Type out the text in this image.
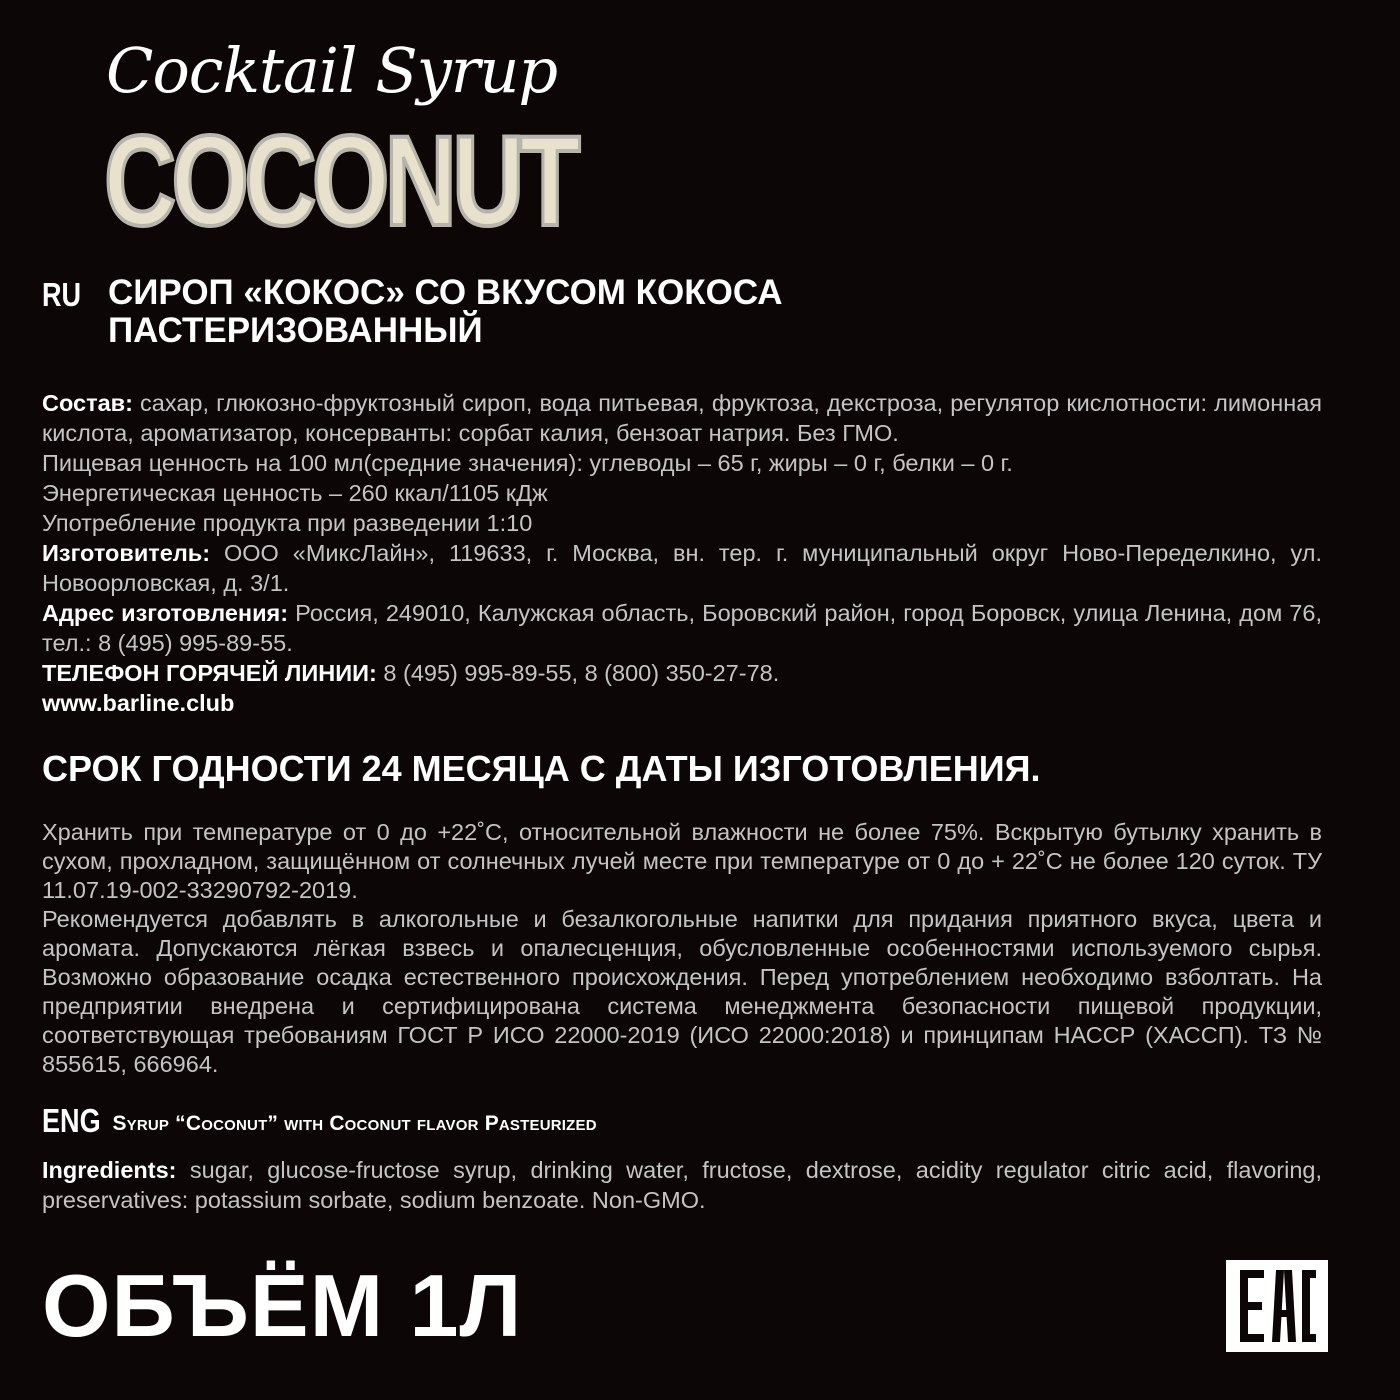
Cocktail Syrup
COCONUT
RU СИРОП «КОКОС» СО ВКУСОМ КОКОСА
ПАСТЕРИЗОВАННЫЙ

Состав: сахар, глюкозно-фруктозный сироп, вода питьевая, фруктоза, декстроза, регулятор кислотности: лимонная кислота, ароматизатор, консерванты: сорбат калия, бензоат натрия. Без ГМО.

Пищевая ценность на 100 мл(средние значения): углеводы – 65 г, жиры – 0 г, белки – 0 г.

Энергетическая ценность – 260 ккал/1105 кДж

Употребление продукта при разведении 1:10

Изготовитель: ООО «МиксЛайн», 119633, г. Москва, вн. тер. г. муниципальный округ Ново-Переделкино, ул. Новоорловская, д. 3/1.

Адрес изготовления: Россия, 249010, Калужская область, Боровский район, город Боровск, улица Ленина, дом 76, тел.: 8 (495) 995-89-55.

ТЕЛЕФОН ГОРЯЧЕЙ ЛИНИИ: 8 (495) 995-89-55, 8 (800) 350-27-78.

www.barline.club

СРОК ГОДНОСТИ 24 МЕСЯЦА С ДАТЫ ИЗГОТОВЛЕНИЯ.

Хранить при температуре от 0 до +22˚С, относительной влажности не более 75%. Вскрытую бутылку хранить в сухом, прохладном, защищённом от солнечных лучей месте при температуре от 0 до + 22˚С не более 120 суток. ТУ 11.07.19-002-33290792-2019.

Рекомендуется добавлять в алкогольные и безалкогольные напитки для придания приятного вкуса, цвета и аромата. Допускаются лёгкая взвесь и опалесценция, обусловленные особенностями используемого сырья. Возможно образование осадка естественного происхождения. Перед употреблением необходимо взболтать. На предприятии внедрена и сертифицирована система менеджмента безопасности пищевой продукции, соответствующая требованиям ГОСТ Р ИСО 22000-2019 (ИСО 22000:2018) и принципам НАССР (ХАССП). ТЗ № 855615, 666964.

ENG Syrup “Coconut” with Coconut flavor Pasteurized

Ingredients: sugar, glucose-fructose syrup, drinking water, fructose, dextrose, acidity regulator citric acid, flavoring, preservatives: potassium sorbate, sodium benzoate. Non-GMO.

ОБЪЁМ 1Л
